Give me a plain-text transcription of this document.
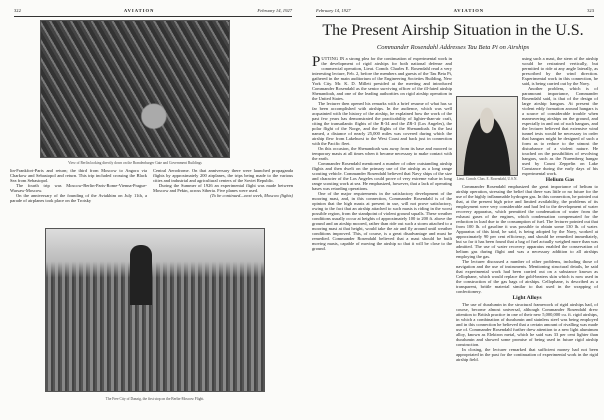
322	AVIATION	February 14, 1927
View of Berlin looking directly down on the Brandenburger Gate and Government Buildings

lin-Frankfort-Paris and return; the third from Moscow to Angora via Charkow and Sebastopol and return. This trip included crossing the Black Sea from Sebastopol.

The fourth trip was Moscow-Berlin-Paris-Rome-Vienna-Prague-Warsaw-Moscow.

On the anniversary of the founding of the Aviakhim on July 11th, a parade of airplanes took place on the Trotsky

Central Aerodrome. On that anniversary there were launched propaganda flights by approximately 200 airplanes, the trips being made to the various cities and industrial and agricultural centers of the Soviet Republic.

During the Summer of 1926 an experimental flight was made between Moscow and Pekin, across Siberia. Five planes were used.

(To be continued—next week, Moscow flights)

The Free City of Danzig, the first stop on the Berlin-Moscow Flight.
February 14, 1927	AVIATION	323
The Present Airship Situation in the U.S.
Commander Rosendahl Addresses Tau Beta Pi on Airships

PUTTING IN a strong plea for the continuation of experimental work in the development of rigid airships for both national defense and commercial operation, Lieut. Comdr. Charles E. Rosendahl read a very interesting lecture, Feb. 2, before the members and guests of the Tau Beta Pi, gathered in the main auditorium of the Engineering Societies Building, New York City. Mr. K. D. Millett presided at the meeting and introduced Commander Rosendahl as the senior surviving officer of the ill-fated airship Shenandoah, and one of the leading authorities on rigid airship operation in the United States.

The lecturer then opened his remarks with a brief resume of what has so far been accomplished with airships. In the audience, which was well acquainted with the history of the airship, he explained how the work of the past few years has demonstrated the practicability of lighter-than-air craft, citing the transatlantic flights of the R-34 and the ZR-3 (Los Angeles), the polar flight of the Norge, and the flights of the Shenandoah. In the last named, a distance of nearly 25,000 miles was covered during which the airship flew from Lakehurst to the West Coast and back just in connection with the Pacific fleet.

On this occasion, the Shenandoah was away from its base and moored to temporary masts at all times when it became necessary to make contact with the earth.

Commander Rosendahl mentioned a number of other outstanding airship flights and then dwelt on the primary use of the airship as a long range scouting vehicle. Commander Rosendahl believed that Navy ships of the size and character of the Los Angeles could prove of very extreme value in long range scouting work at sea. He emphasized, however, that a lack of operating bases was retarding operations.

One of the major requirements in the satisfactory development of the mooring mast, and, in this connection, Commander Rosendahl is of the opinion that the high masts at present in use, will not prove satisfactory, owing to the fact that an airship attached to such masts is riding in the worst possible region, from the standpoint of violent ground squalls. These weather conditions usually occur at heights of approximately 100 to 200 ft. above the ground and an airship moored, rather than ride out such a storm attached to a mooring mast at that height, would take the air and fly around until weather conditions improved. This, of course, is a great disadvantage and must be remedied. Commander Rosendahl believed that a mast should be built moving masts, capable of moving the airship so that it will be close to the ground.

Lieut. Comdr. Chas. E. Rosendahl, U.S.N.

using such a mast, the stern of the airship would be restrained vertically, but permitted to ride at any angle laterally, as prescribed by the wind direction. Experimental work in this connection, he said, is being carried out by the Navy.

Another problem, which is of paramount importance, Commander Rosendahl said, is that of the design of large airship hangars. At present the violent eddy formation around hangars is a source of considerable trouble when maneuvering airships on the ground, and especially in and out of such hangars, and the lecturer believed that extensive wind tunnel tests would be necessary in order that hangars might be designed of such a form as to reduce to the utmost the disturbance of a violent nature. He touched on the possibilities of revolving hangars, such as the Nuremberg hangar used by Count Zeppelin on Lake Constance during the early days of his experimental work.

Helium Gas

Commander Rosendahl emphasized the great importance of helium to airship operation, stressing the belief that there was little or no future for the use of the highly inflammable hydrogen gas. In this connection, he pointed out that, at the present high price and limited availability, the problems of its employment were very considerable and had led to the development of water recovery apparatus, which permitted the condensation of water from the exhaust gases of the engines, which condensation compensated for the reduction in load due to the consumption of fuel. The lecturer pointed out that from 100 lb. of gasoline it was possible to obtain some 130 lb. of water. Apparatus of this kind, he said, is being adopted by the Navy, worked at approximately 90 per cent efficiency, and should be remedied immediately, but so far it has been found that a bag of fuel actually weighed more than was admitted. The use of water recovery apparatus enabled the conservation of helium gas during flight and was a necessary addition to all airships employing the gas.

The lecturer discussed a number of other problems, including those of navigation and the use of instruments. Mentioning structural details, he said that experimental work had been carried out on a substance known as Cellophane, which would replace the gold-beaters skin which is now used in the construction of the gas bags of airships. Cellophane, is described as a transparent, brittle material similar to that used in the wrapping of confectionery.

Light Alloys

The use of duralumin in the structural framework of rigid airships had, of course, become almost universal, although Commander Rosendahl drew attention to British practice in one of their new 5,000,000 cu. ft. rigid airships, in which a combination of duralumin and stainless steel was being employed and in this connection he believed that a certain amount of rivalling was made use of. Commander Rosendahl further drew attention to a new light aluminum alloy, known as Elektron metal, which he said was 33 per cent lighter than duralumin and showed some promise of being used in future rigid airship construction.

In closing, the lecturer remarked that sufficient money had not been appropriated in the past for the continuation of experimental work in the rigid airship field.
